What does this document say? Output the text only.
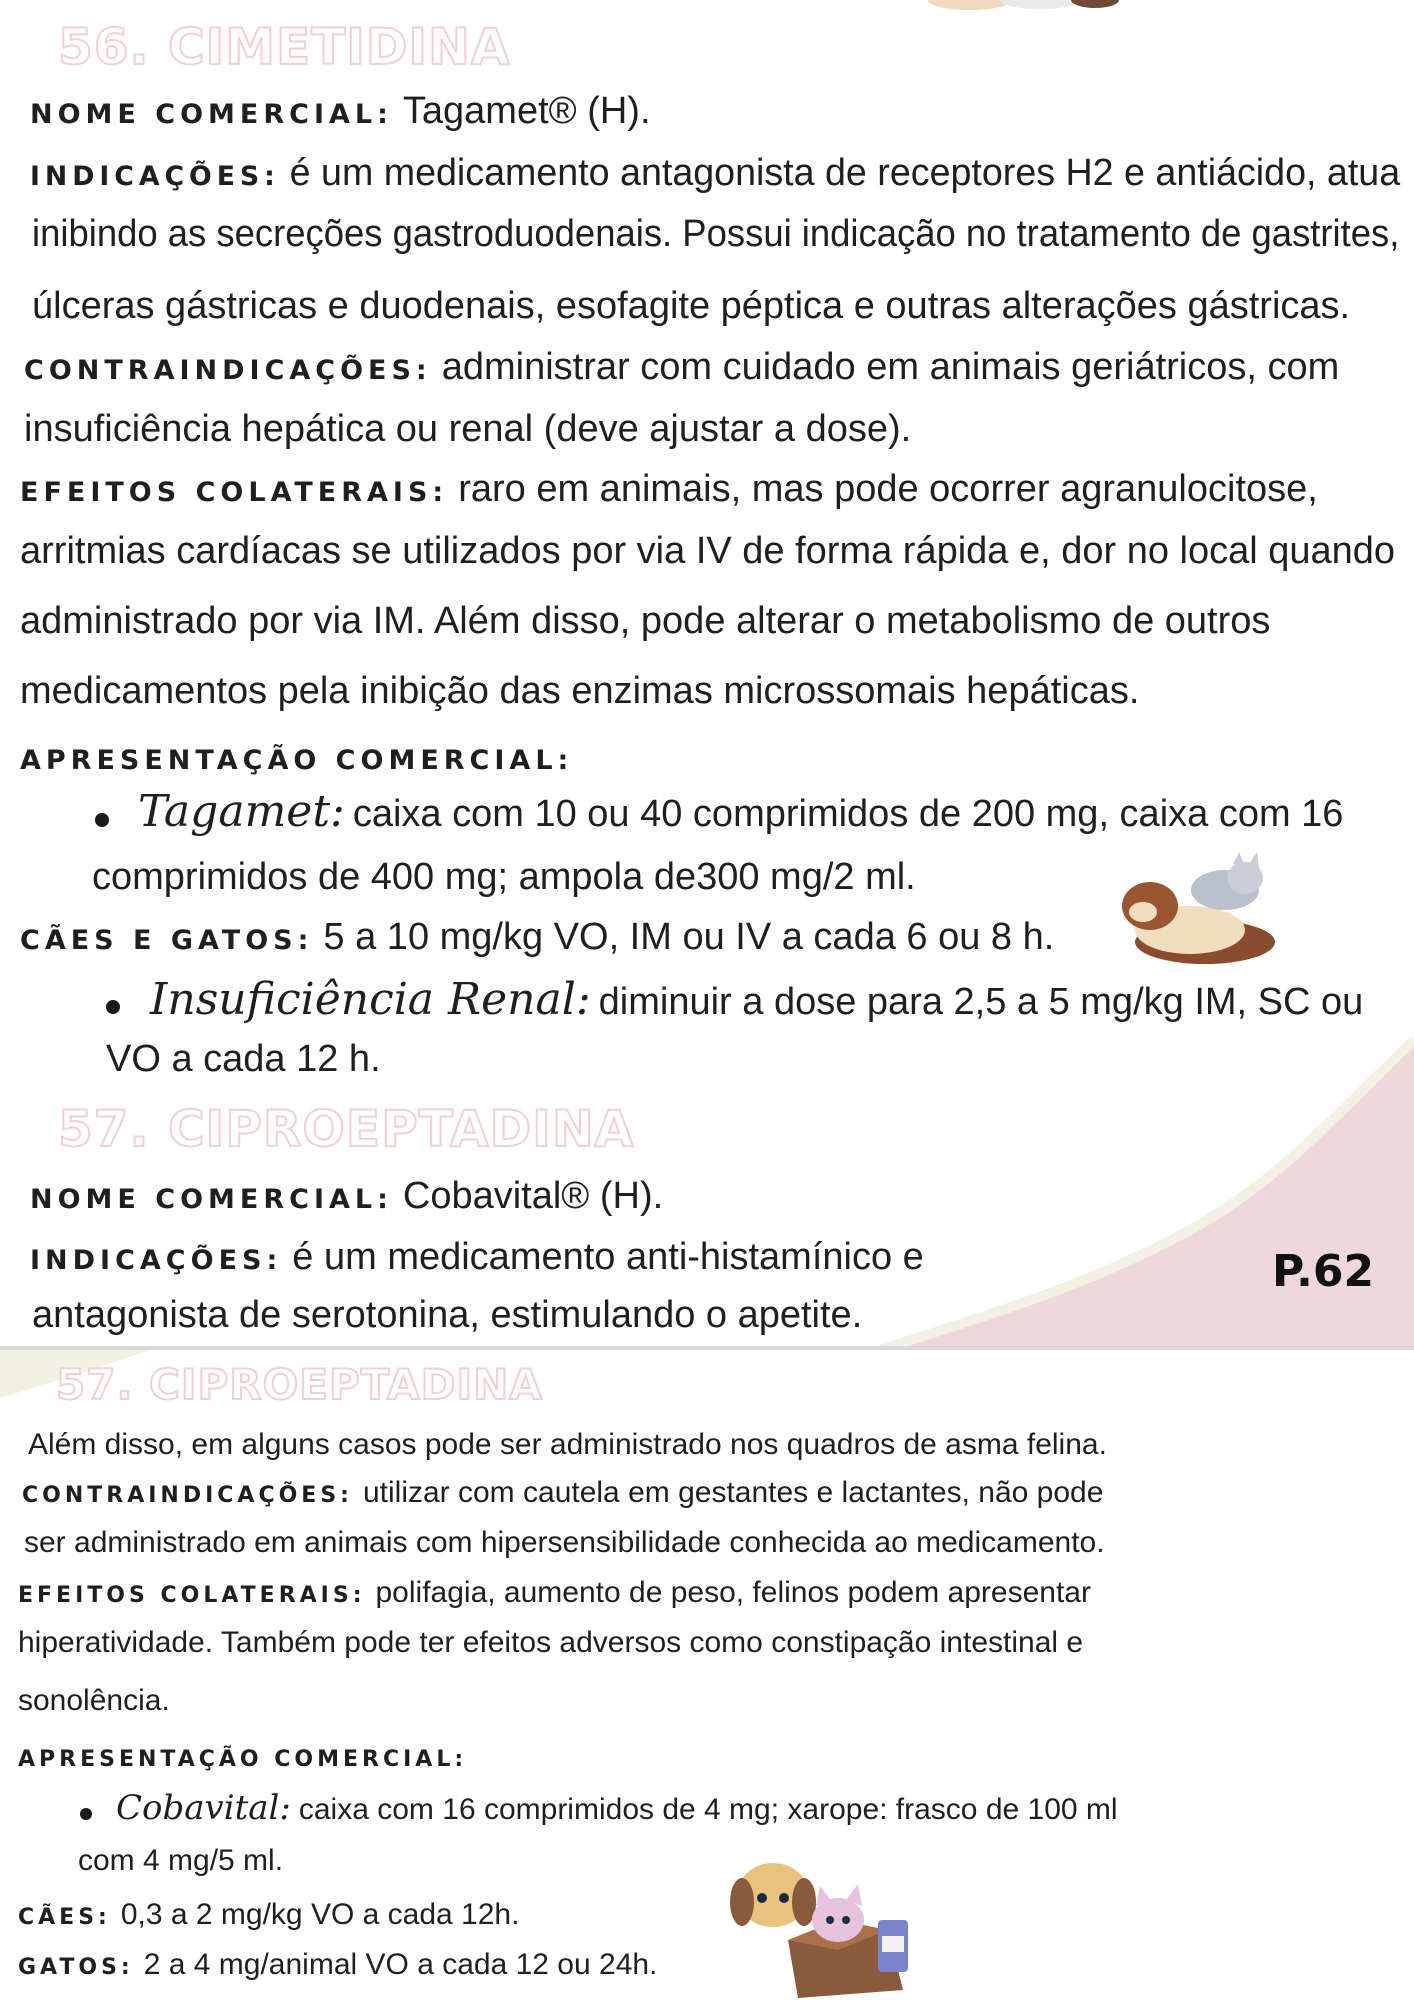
56. CIMETIDINA
NOME COMERCIAL: Tagamet® (H).
INDICAÇÕES: é um medicamento antagonista de receptores H2 e antiácido, atua
inibindo as secreções gastroduodenais. Possui indicação no tratamento de gastrites,
úlceras gástricas e duodenais, esofagite péptica e outras alterações gástricas.
CONTRAINDICAÇÕES: administrar com cuidado em animais geriátricos, com
insuficiência hepática ou renal (deve ajustar a dose).
EFEITOS COLATERAIS: raro em animais, mas pode ocorrer agranulocitose,
arritmias cardíacas se utilizados por via IV de forma rápida e, dor no local quando
administrado por via IM. Além disso, pode alterar o metabolismo de outros
medicamentos pela inibição das enzimas microssomais hepáticas.
APRESENTAÇÃO COMERCIAL:
Tagamet: caixa com 10 ou 40 comprimidos de 200 mg, caixa com 16
comprimidos de 400 mg; ampola de300 mg/2 ml.
CÃES E GATOS: 5 a 10 mg/kg VO, IM ou IV a cada 6 ou 8 h.
Insuficiência Renal: diminuir a dose para 2,5 a 5 mg/kg IM, SC ou
VO a cada 12 h.
57. CIPROEPTADINA
NOME COMERCIAL: Cobavital® (H).
INDICAÇÕES: é um medicamento anti-histamínico e
antagonista de serotonina, estimulando o apetite.
P.62
57. CIPROEPTADINA
Além disso, em alguns casos pode ser administrado nos quadros de asma felina.
CONTRAINDICAÇÕES: utilizar com cautela em gestantes e lactantes, não pode
ser administrado em animais com hipersensibilidade conhecida ao medicamento.
EFEITOS COLATERAIS: polifagia, aumento de peso, felinos podem apresentar
hiperatividade. Também pode ter efeitos adversos como constipação intestinal e
sonolência.
APRESENTAÇÃO COMERCIAL:
Cobavital: caixa com 16 comprimidos de 4 mg; xarope: frasco de 100 ml
com 4 mg/5 ml.
CÃES: 0,3 a 2 mg/kg VO a cada 12h.
GATOS: 2 a 4 mg/animal VO a cada 12 ou 24h.
